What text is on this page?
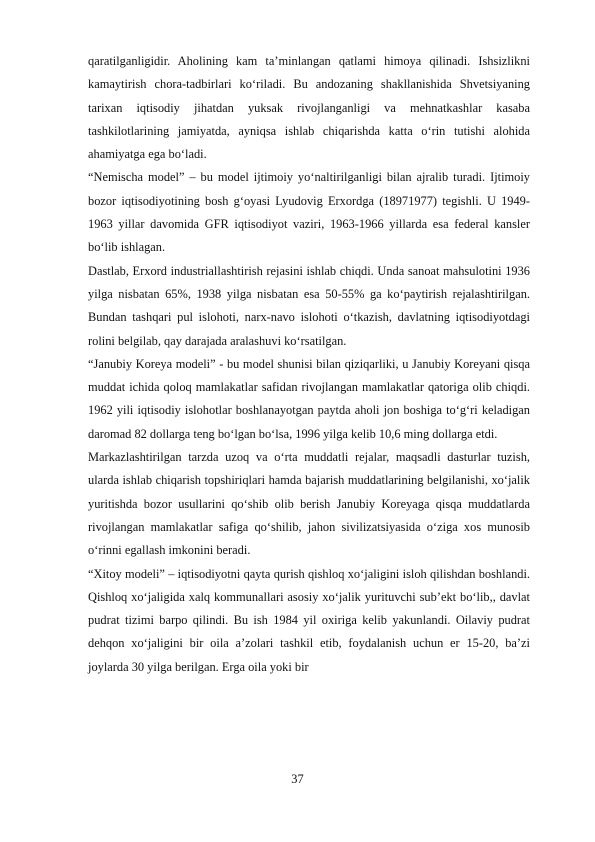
qaratilganligidir. Aholining kam ta’minlangan qatlami himoya qilinadi. Ishsizlikni kamaytirish chora-tadbirlari ko‘riladi. Bu andozaning shakllanishida Shvetsiyaning tarixan iqtisodiy jihatdan yuksak rivojlanganligi va mehnatkashlar kasaba tashkilotlarining jamiyatda, ayniqsa ishlab chiqarishda katta o‘rin tutishi alohida ahamiyatga ega bo‘ladi.

“Nemischa model” – bu model ijtimoiy yo‘naltirilganligi bilan ajralib turadi. Ijtimoiy bozor iqtisodiyotining bosh g‘oyasi Lyudovig Erxordga (18971977) tegishli. U 1949-1963 yillar davomida GFR iqtisodiyot vaziri, 1963-1966 yillarda esa federal kansler bo‘lib ishlagan.

Dastlab, Erxord industriallashtirish rejasini ishlab chiqdi. Unda sanoat mahsulotini 1936 yilga nisbatan 65%, 1938 yilga nisbatan esa 50-55% ga ko‘paytirish rejalashtirilgan. Bundan tashqari pul islohoti, narx-navo islohoti o‘tkazish, davlatning iqtisodiyotdagi rolini belgilab, qay darajada aralashuvi ko‘rsatilgan.

“Janubiy Koreya modeli” - bu model shunisi bilan qiziqarliki, u Janubiy Koreyani qisqa muddat ichida qoloq mamlakatlar safidan rivojlangan mamlakatlar qatoriga olib chiqdi. 1962 yili iqtisodiy islohotlar boshlanayotgan paytda aholi jon boshiga to‘g‘ri keladigan daromad 82 dollarga teng bo‘lgan bo‘lsa, 1996 yilga kelib 10,6 ming dollarga etdi.

Markazlashtirilgan tarzda uzoq va o‘rta muddatli rejalar, maqsadli dasturlar tuzish, ularda ishlab chiqarish topshiriqlari hamda bajarish muddatlarining belgilanishi, xo‘jalik yuritishda bozor usullarini qo‘shib olib berish Janubiy Koreyaga qisqa muddatlarda rivojlangan mamlakatlar safiga qo‘shilib, jahon sivilizatsiyasida o‘ziga xos munosib o‘rinni egallash imkonini beradi.

“Xitoy modeli” – iqtisodiyotni qayta qurish qishloq xo‘jaligini isloh qilishdan boshlandi. Qishloq xo‘jaligida xalq kommunallari asosiy xo‘jalik yurituvchi sub’ekt bo‘lib,, davlat pudrat tizimi barpo qilindi. Bu ish 1984 yil oxiriga kelib yakunlandi. Oilaviy pudrat dehqon xo‘jaligini bir oila a’zolari tashkil etib, foydalanish uchun er 15-20, ba’zi joylarda 30 yilga berilgan. Erga oila yoki bir

37
